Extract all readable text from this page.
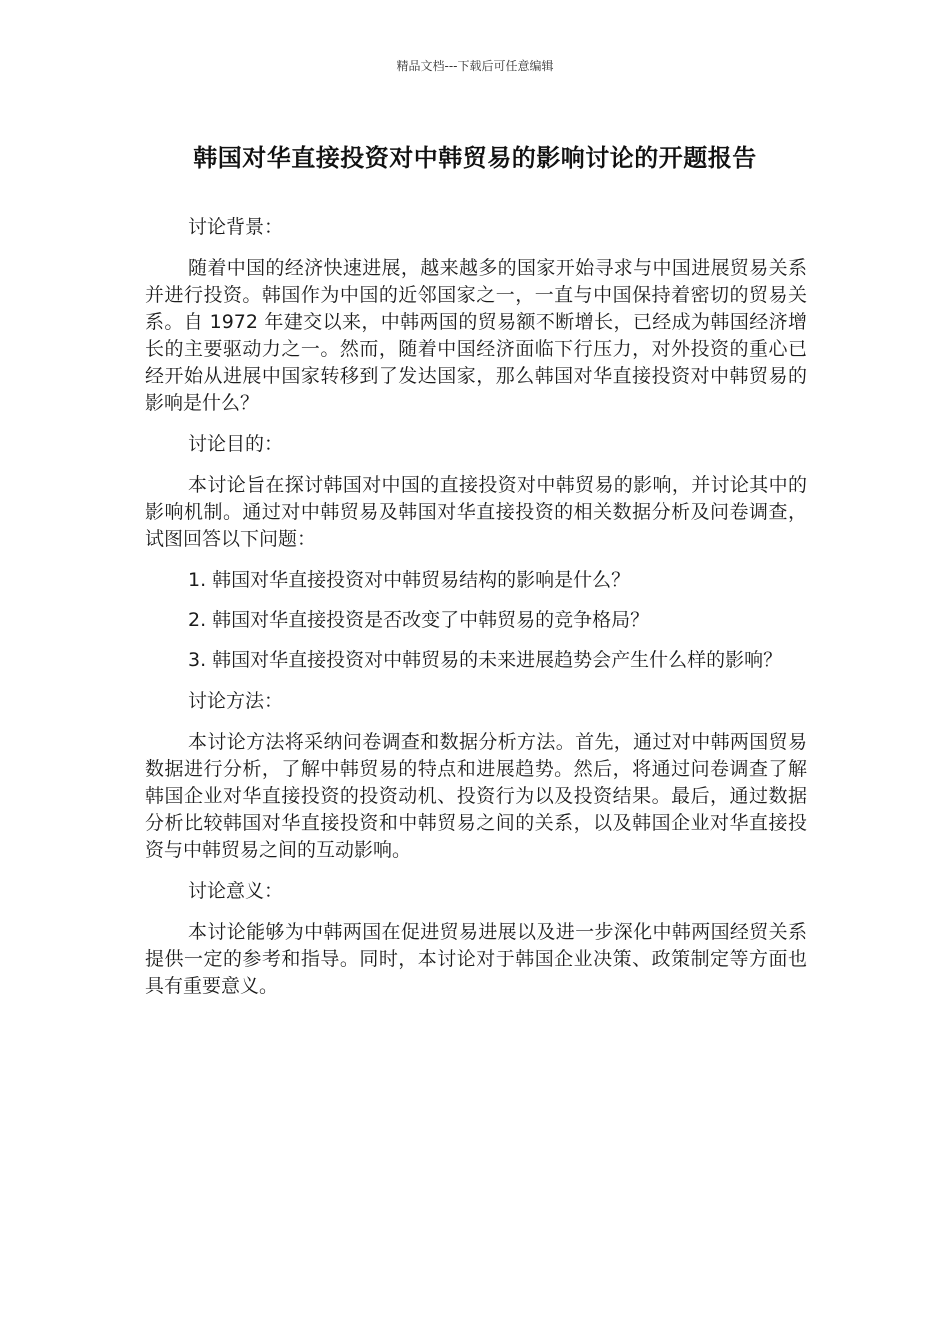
精品文档---下载后可任意编辑
韩国对华直接投资对中韩贸易的影响讨论的开题报告

讨论背景：

随着中国的经济快速进展，越来越多的国家开始寻求与中国进展贸易关系并进行投资。韩国作为中国的近邻国家之一，一直与中国保持着密切的贸易关系。自 1972 年建交以来，中韩两国的贸易额不断增长，已经成为韩国经济增长的主要驱动力之一。然而，随着中国经济面临下行压力，对外投资的重心已经开始从进展中国家转移到了发达国家，那么韩国对华直接投资对中韩贸易的影响是什么？

讨论目的：

本讨论旨在探讨韩国对中国的直接投资对中韩贸易的影响，并讨论其中的影响机制。通过对中韩贸易及韩国对华直接投资的相关数据分析及问卷调查，试图回答以下问题：

1. 韩国对华直接投资对中韩贸易结构的影响是什么？

2. 韩国对华直接投资是否改变了中韩贸易的竞争格局？

3. 韩国对华直接投资对中韩贸易的未来进展趋势会产生什么样的影响？

讨论方法：

本讨论方法将采纳问卷调查和数据分析方法。首先，通过对中韩两国贸易数据进行分析，了解中韩贸易的特点和进展趋势。然后，将通过问卷调查了解韩国企业对华直接投资的投资动机、投资行为以及投资结果。最后，通过数据分析比较韩国对华直接投资和中韩贸易之间的关系，以及韩国企业对华直接投资与中韩贸易之间的互动影响。

讨论意义：

本讨论能够为中韩两国在促进贸易进展以及进一步深化中韩两国经贸关系提供一定的参考和指导。同时，本讨论对于韩国企业决策、政策制定等方面也具有重要意义。
